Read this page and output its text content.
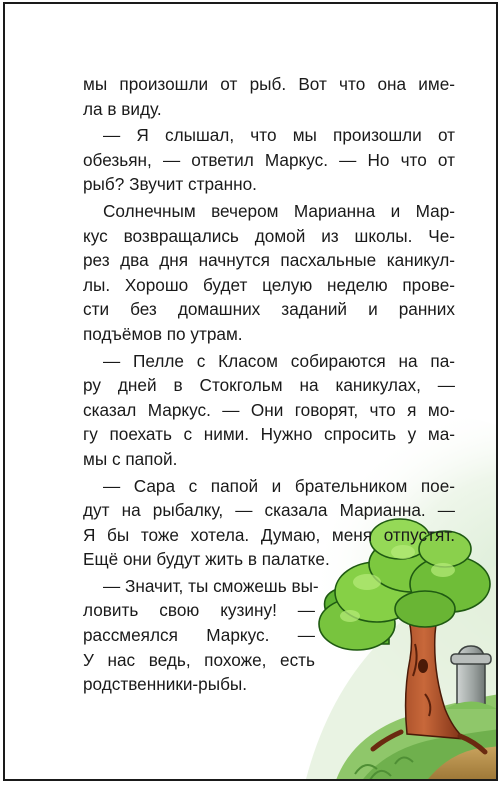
мы произошли от рыб. Вот что она име-
ла в виду.
— Я слышал, что мы произошли от
обезьян, — ответил Маркус. — Но что от
рыб? Звучит странно.
Солнечным вечером Марианна и Мар-
кус возвращались домой из школы. Че-
рез два дня начнутся пасхальные каникул-
лы. Хорошо будет целую неделю прове-
сти без домашних заданий и ранних
подъёмов по утрам.
— Пелле с Класом собираются на па-
ру дней в Стокгольм на каникулах, —
сказал Маркус. — Они говорят, что я мо-
гу поехать с ними. Нужно спросить у ма-
мы с папой.
— Сара с папой и брательником пое-
дут на рыбалку, — сказала Марианна. —
Я бы тоже хотела. Думаю, меня отпустят.
Ещё они будут жить в палатке.
— Значит, ты сможешь вы-
ловить свою кузину! —
рассмеялся Маркус. —
У нас ведь, похоже, есть
родственники-рыбы.
